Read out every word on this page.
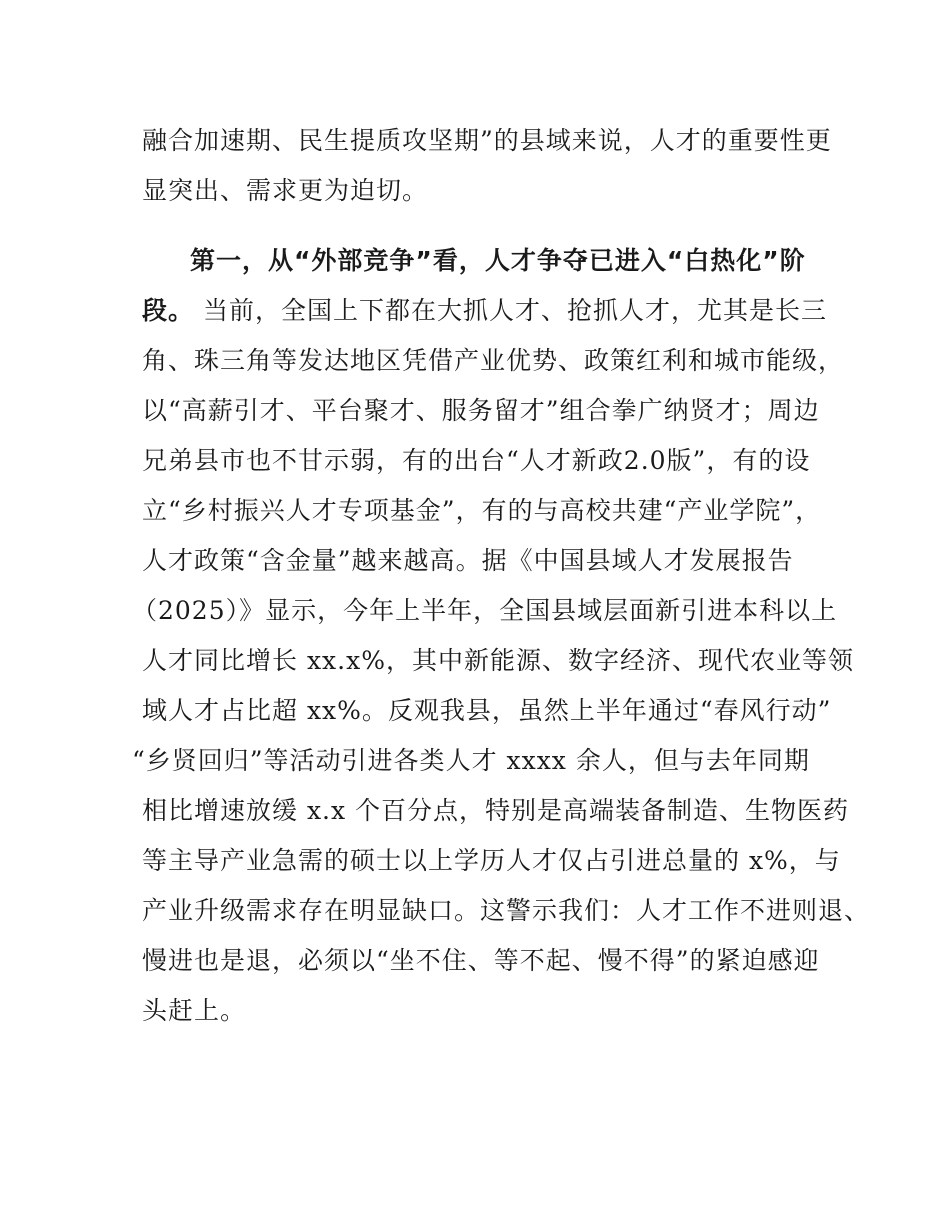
融合加速期、民生提质攻坚期”的县域来说，人才的重要性更
显突出、需求更为迫切。
第一，从“外部竞争”看，人才争夺已进入“白热化”阶
段。 当前，全国上下都在大抓人才、抢抓人才，尤其是长三
角、珠三角等发达地区凭借产业优势、政策红利和城市能级，
以“高薪引才、平台聚才、服务留才”组合拳广纳贤才；周边
兄弟县市也不甘示弱，有的出台“人才新政2.0版”，有的设
立“乡村振兴人才专项基金”，有的与高校共建“产业学院”，
人才政策“含金量”越来越高。据《中国县域人才发展报告
（2025）》显示，今年上半年，全国县域层面新引进本科以上
人才同比增长 xx.x%，其中新能源、数字经济、现代农业等领
域人才占比超 xx%。反观我县，虽然上半年通过“春风行动”
“乡贤回归”等活动引进各类人才 xxxx 余人，但与去年同期
相比增速放缓 x.x 个百分点，特别是高端装备制造、生物医药
等主导产业急需的硕士以上学历人才仅占引进总量的 x%，与
产业升级需求存在明显缺口。这警示我们：人才工作不进则退、
慢进也是退，必须以“坐不住、等不起、慢不得”的紧迫感迎
头赶上。
